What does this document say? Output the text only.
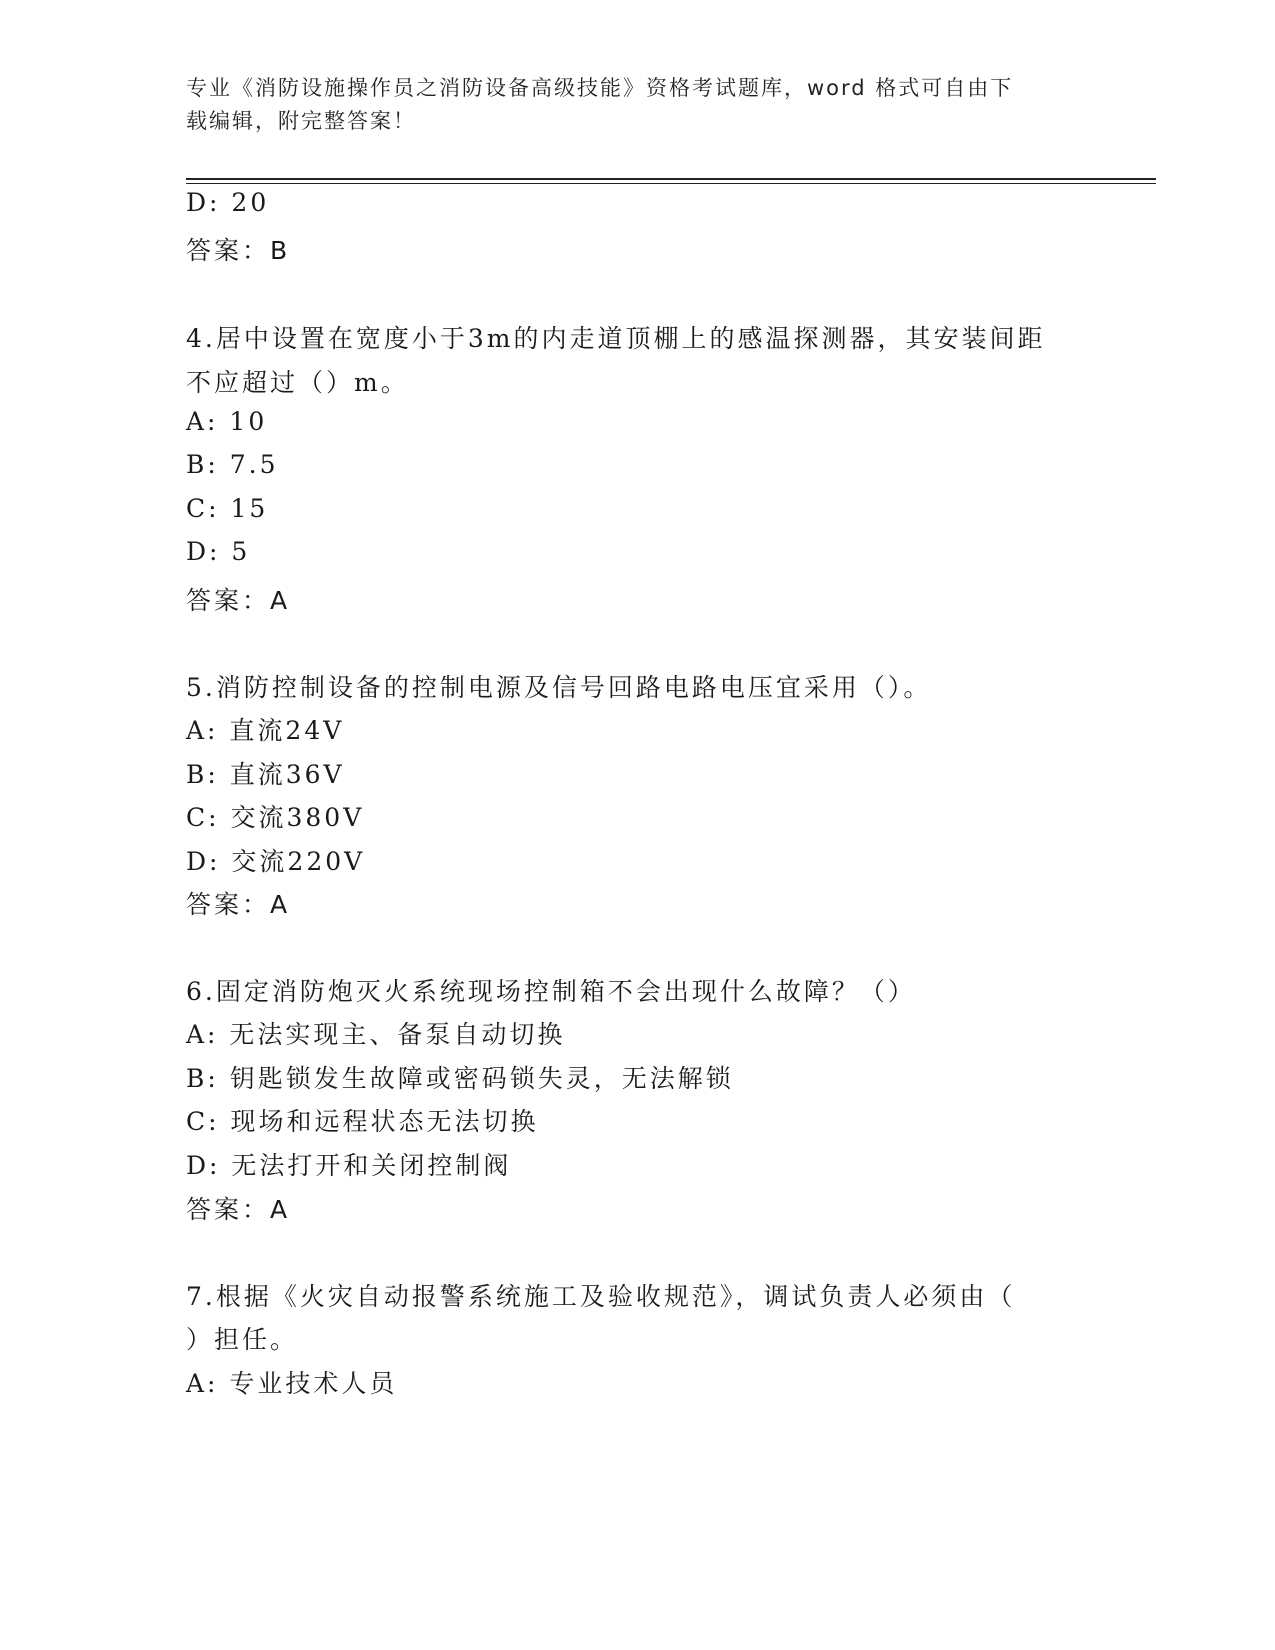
专业《消防设施操作员之消防设备高级技能》资格考试题库，word 格式可自由下
载编辑，附完整答案！
D: 20
答案：B
4.居中设置在宽度小于3m的内走道顶棚上的感温探测器，其安装间距
不应超过（）m。
A: 10
B: 7.5
C: 15
D: 5
答案：A
5.消防控制设备的控制电源及信号回路电路电压宜采用（）。
A: 直流24V
B: 直流36V
C: 交流380V
D: 交流220V
答案：A
6.固定消防炮灭火系统现场控制箱不会出现什么故障？（）
A: 无法实现主、备泵自动切换
B: 钥匙锁发生故障或密码锁失灵，无法解锁
C: 现场和远程状态无法切换
D: 无法打开和关闭控制阀
答案：A
7.根据《火灾自动报警系统施工及验收规范》，调试负责人必须由（
）担任。
A: 专业技术人员
